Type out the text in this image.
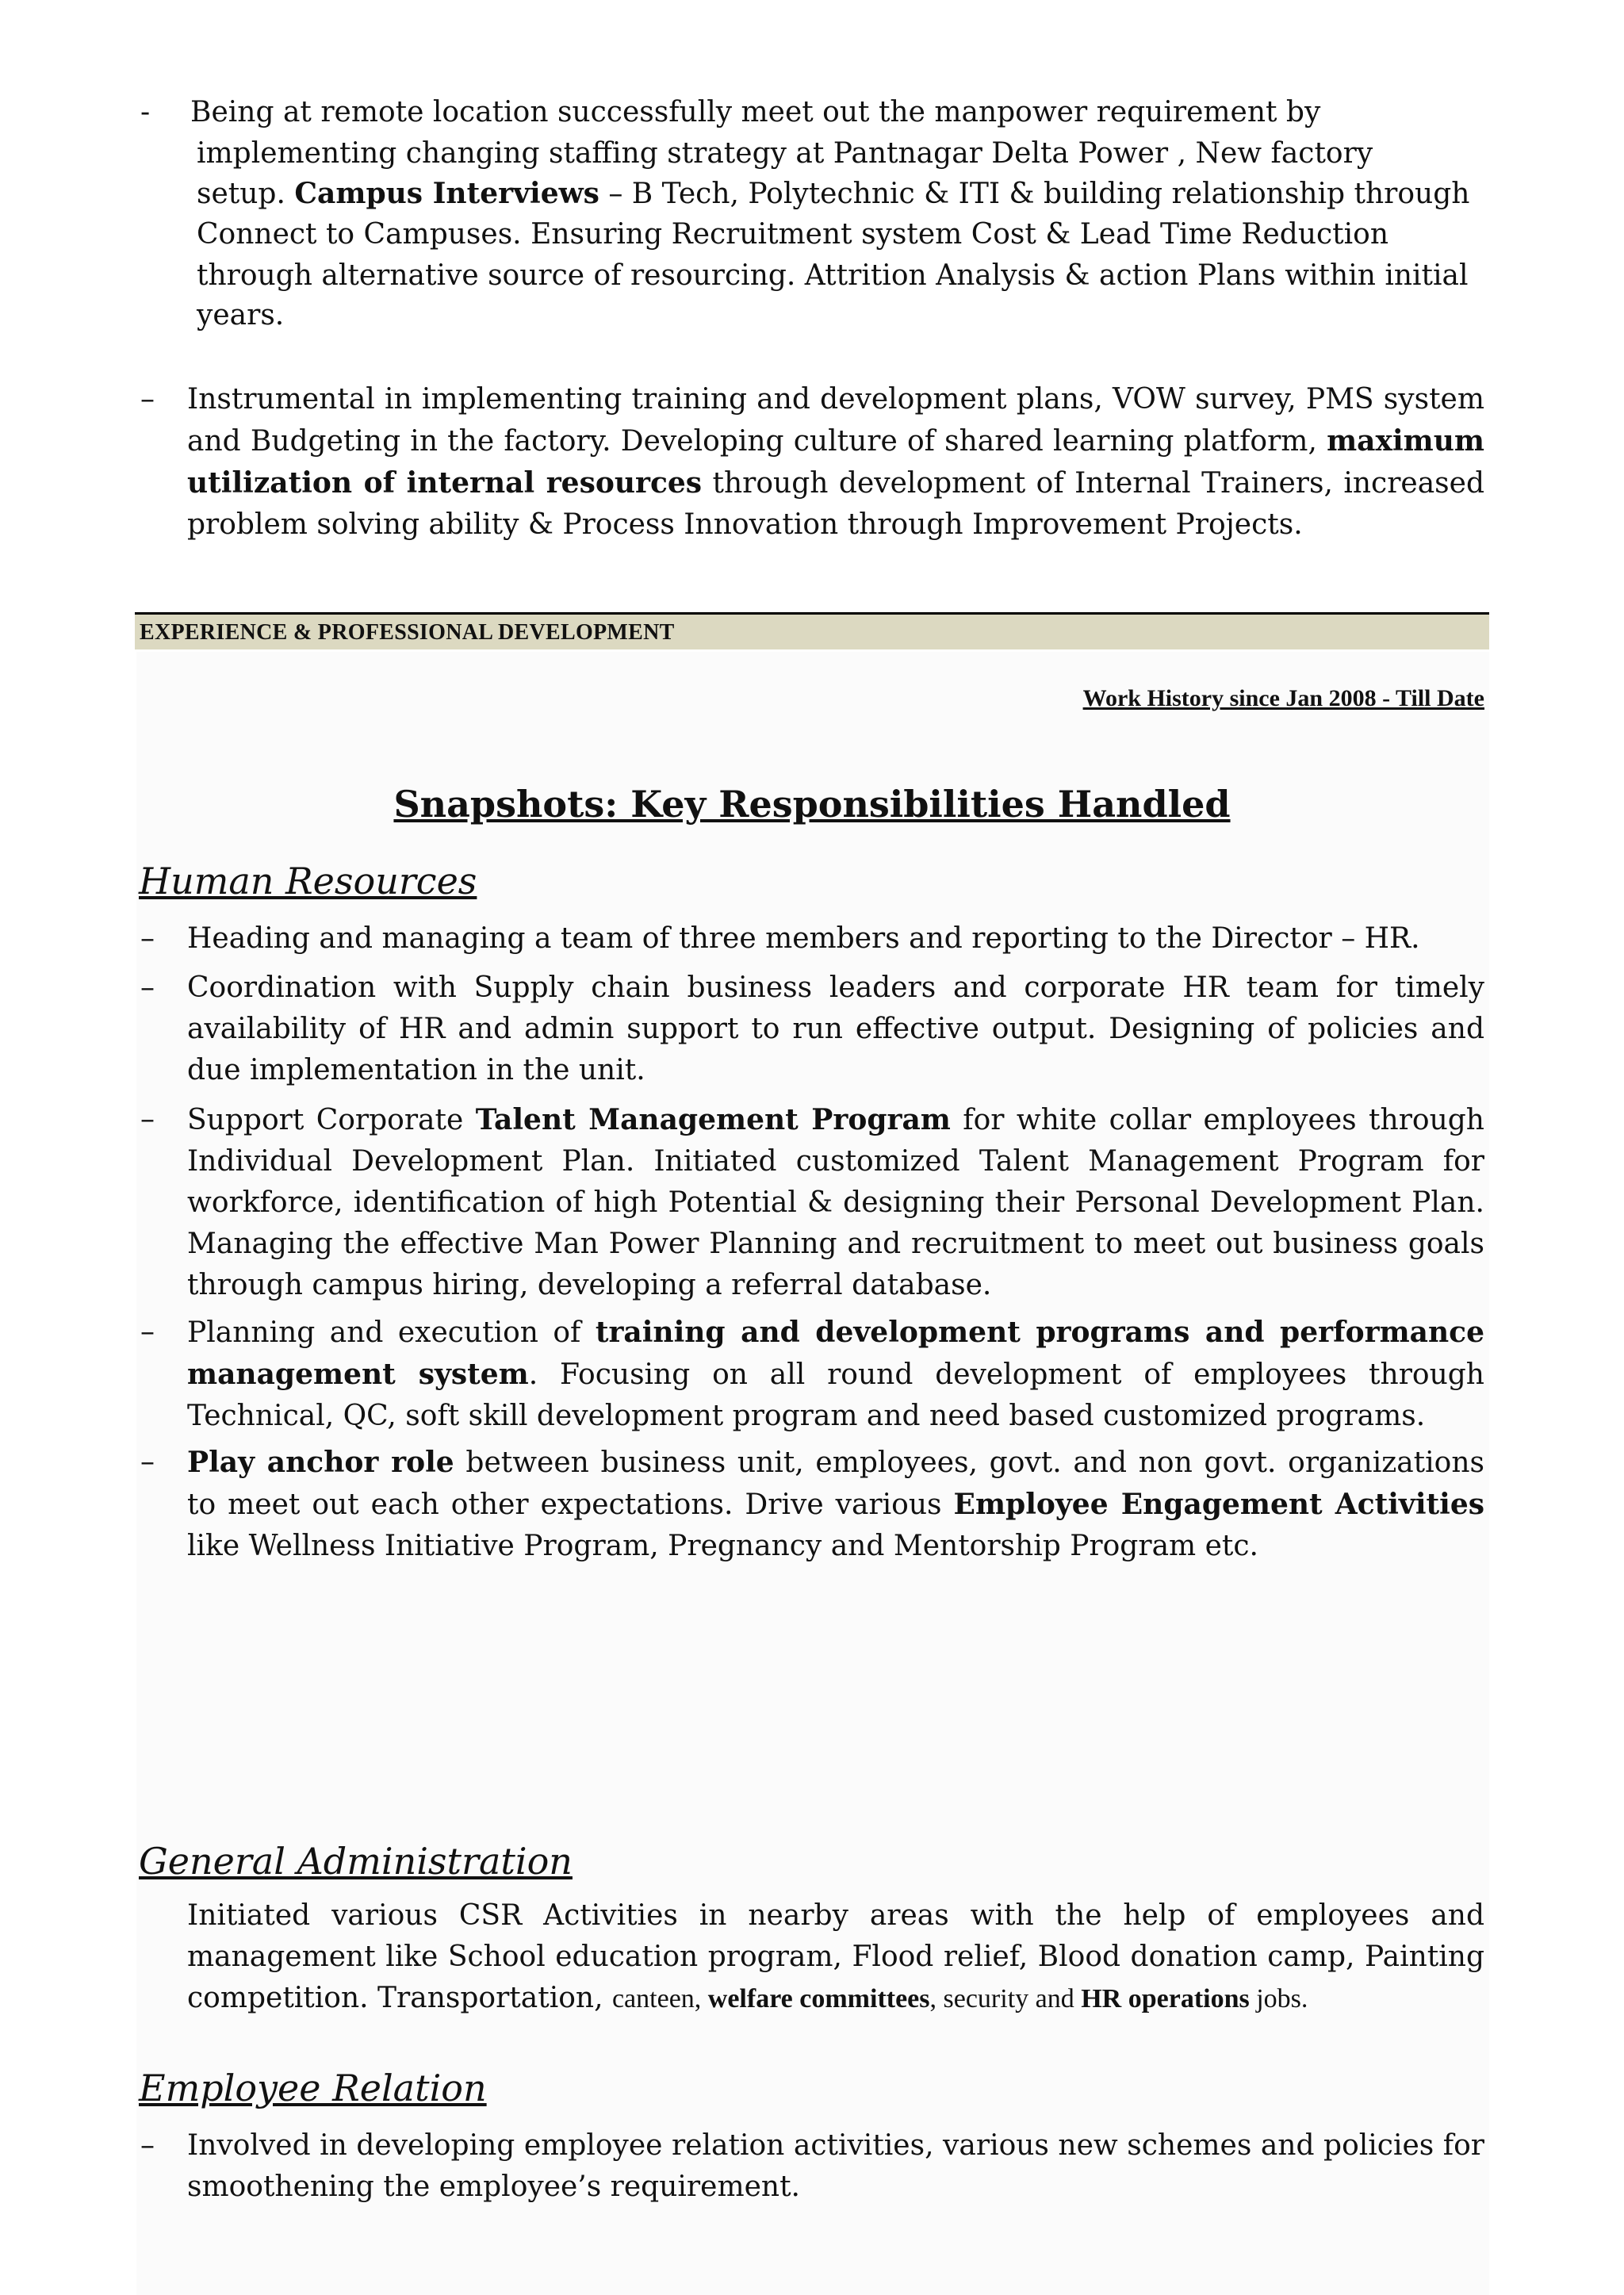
- Being at remote location successfully meet out the manpower requirement by
implementing changing staffing strategy at Pantnagar Delta Power , New factory
setup. Campus Interviews – B Tech, Polytechnic & ITI & building relationship through
Connect to Campuses. Ensuring Recruitment system Cost & Lead Time Reduction
through alternative source of resourcing. Attrition Analysis & action Plans within initial
years.
– Instrumental in implementing training and development plans, VOW survey, PMS system and Budgeting in the factory. Developing culture of shared learning platform, maximum utilization of internal resources through development of Internal Trainers, increased problem solving ability & Process Innovation through Improvement Projects.
EXPERIENCE & PROFESSIONAL DEVELOPMENT
Work History since Jan 2008 - Till Date
Snapshots: Key Responsibilities Handled
Human Resources
– Heading and managing a team of three members and reporting to the Director – HR.
– Coordination with Supply chain business leaders and corporate HR team for timely availability of HR and admin support to run effective output. Designing of policies and due implementation in the unit.
– Support Corporate Talent Management Program for white collar employees through Individual Development Plan. Initiated customized Talent Management Program for workforce, identification of high Potential & designing their Personal Development Plan. Managing the effective Man Power Planning and recruitment to meet out business goals through campus hiring, developing a referral database.
– Planning and execution of training and development programs and performance management system. Focusing on all round development of employees through Technical, QC, soft skill development program and need based customized programs.
– Play anchor role between business unit, employees, govt. and non govt. organizations to meet out each other expectations. Drive various Employee Engagement Activities like Wellness Initiative Program, Pregnancy and Mentorship Program etc.
General Administration
Initiated various CSR Activities in nearby areas with the help of employees and management like School education program, Flood relief, Blood donation camp, Painting competition. Transportation, canteen, welfare committees, security and HR operations jobs.
Employee Relation
– Involved in developing employee relation activities, various new schemes and policies for smoothening the employee’s requirement.
